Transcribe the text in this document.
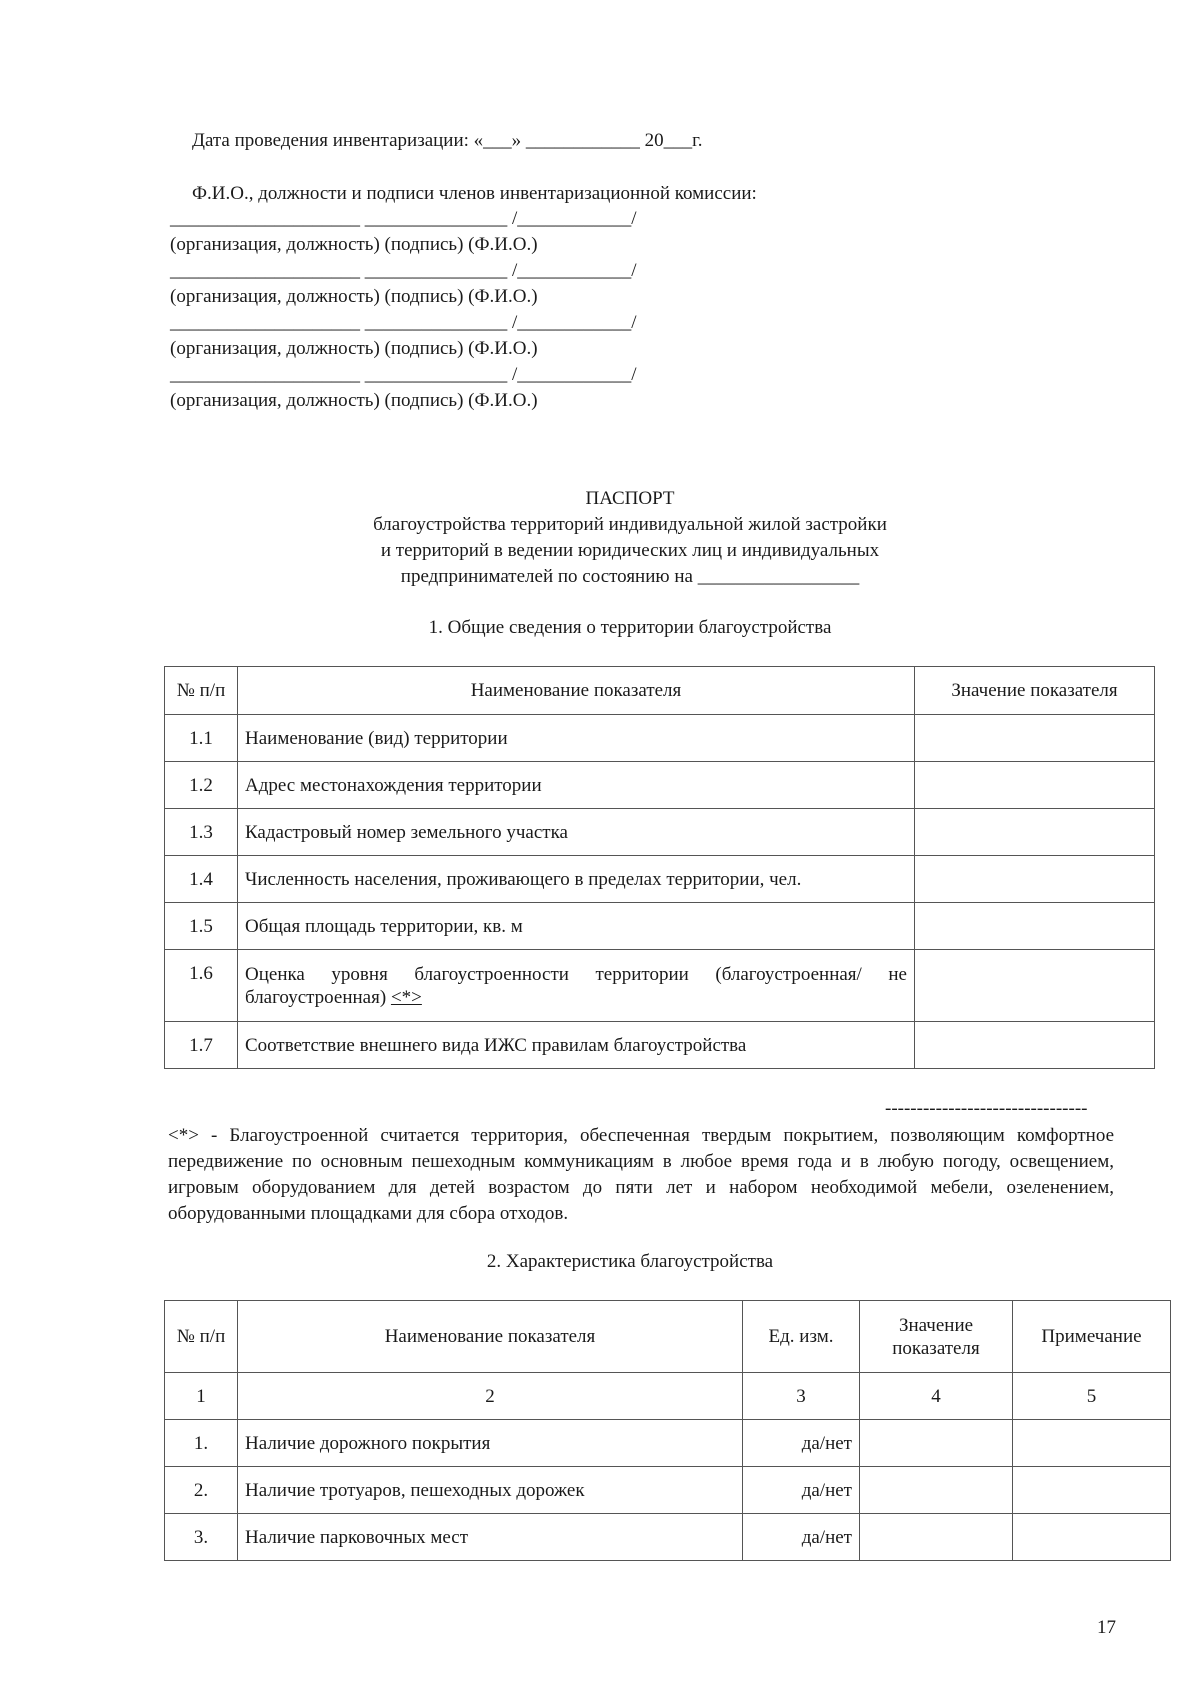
Дата проведения инвентаризации: «___» ____________ 20___г.
Ф.И.О., должности и подписи членов инвентаризационной комиссии:
____________________ _______________ /____________/
(организация, должность) (подпись) (Ф.И.О.)
____________________ _______________ /____________/
(организация, должность) (подпись) (Ф.И.О.)
____________________ _______________ /____________/
(организация, должность) (подпись) (Ф.И.О.)
____________________ _______________ /____________/
(организация, должность) (подпись) (Ф.И.О.)
ПАСПОРТ
благоустройства территорий индивидуальной жилой застройки
и территорий в ведении юридических лиц и индивидуальных
предпринимателей по состоянию на _________________
1. Общие сведения о территории благоустройства
№ п/п	Наименование показателя	Значение показателя
1.1	Наименование (вид) территории	
1.2	Адрес местонахождения территории	
1.3	Кадастровый номер земельного участка	
1.4	Численность населения, проживающего в пределах территории, чел.	
1.5	Общая площадь территории, кв. м	
1.6	Оценка уровня благоустроенности территории (благоустроенная/ не благоустроенная) <*>	
1.7	Соответствие внешнего вида ИЖС правилам благоустройства	
--------------------------------
<*> - Благоустроенной считается территория, обеспеченная твердым покрытием, позволяющим комфортное передвижение по основным пешеходным коммуникациям в любое время года и в любую погоду, освещением, игровым оборудованием для детей возрастом до пяти лет и набором необходимой мебели, озеленением, оборудованными площадками для сбора отходов.
2. Характеристика благоустройства
№ п/п	Наименование показателя	Ед. изм.	Значение показателя	Примечание
1	2	3	4	5
1.	Наличие дорожного покрытия	да/нет		
2.	Наличие тротуаров, пешеходных дорожек	да/нет		
3.	Наличие парковочных мест	да/нет		
17
